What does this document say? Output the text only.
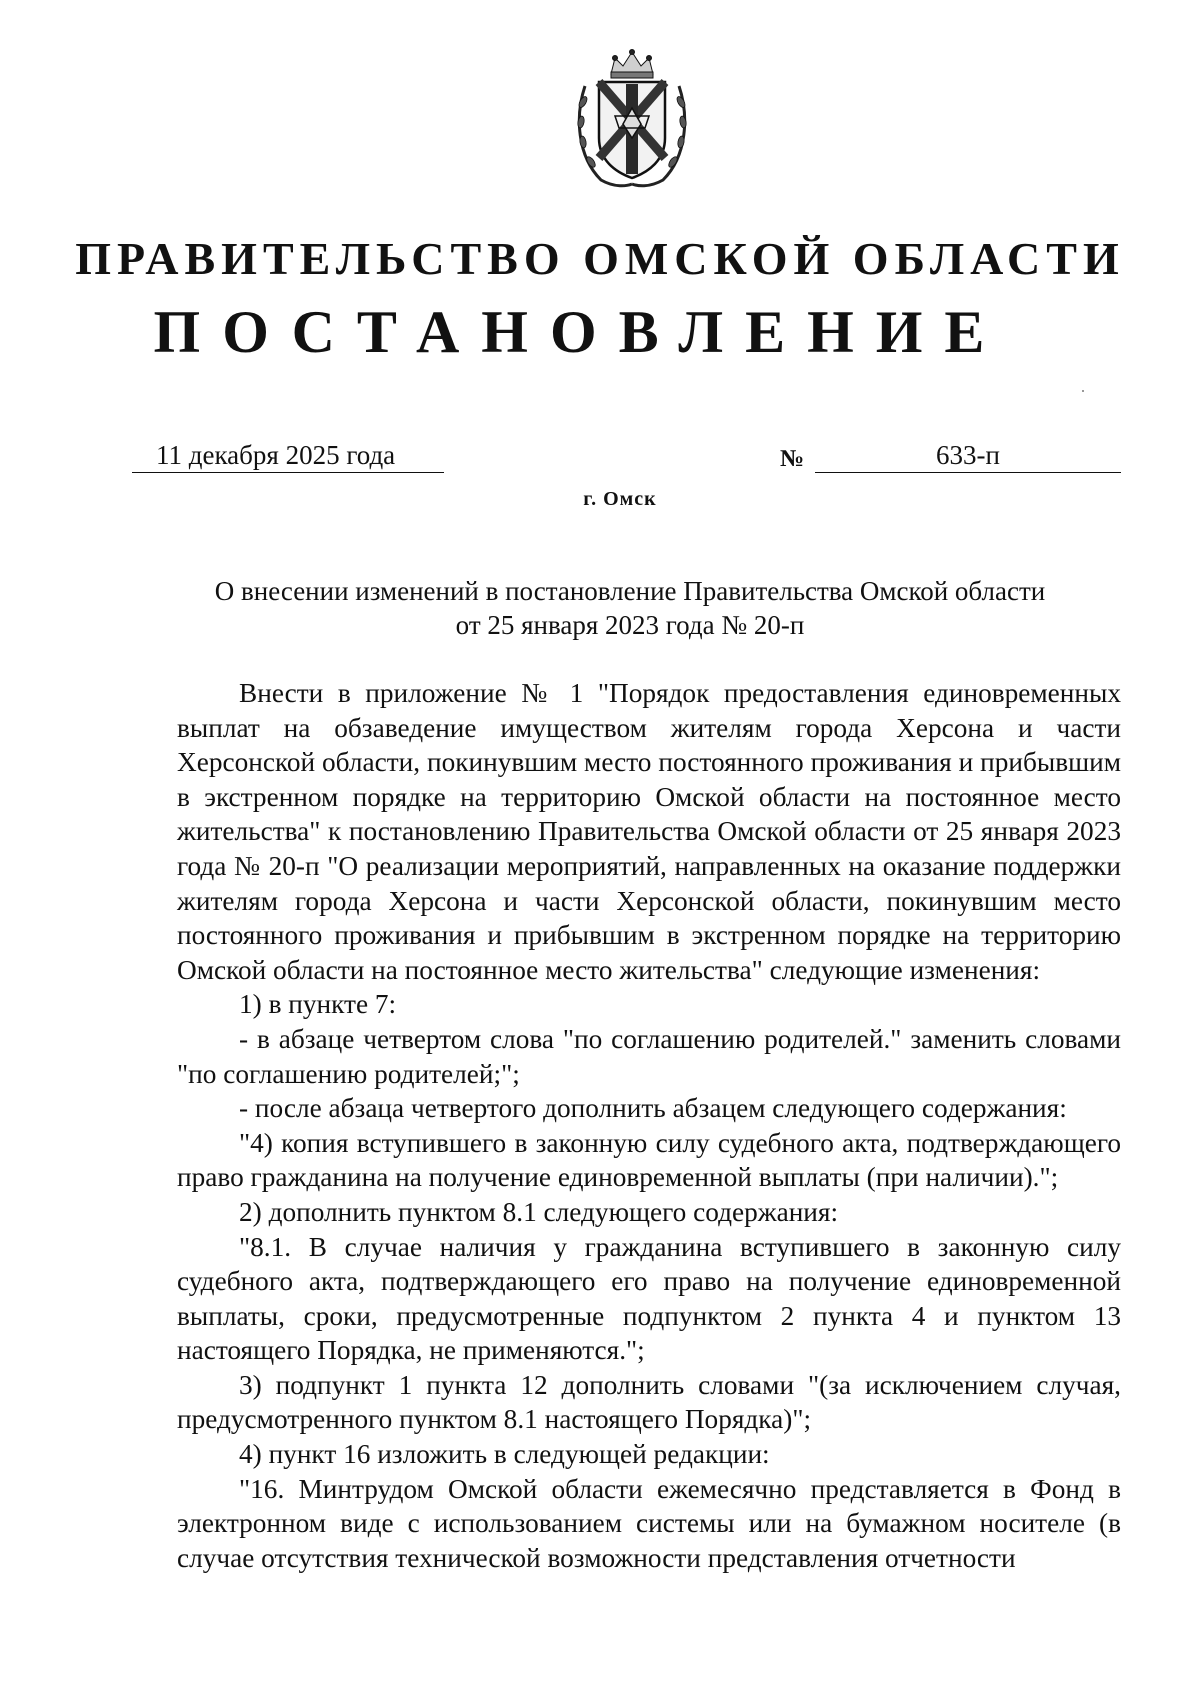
ПРАВИТЕЛЬСТВО ОМСКОЙ ОБЛАСТИ
ПОСТАНОВЛЕНИЕ
11 декабря 2025 года	№	633-п
г. Омск
О внесении изменений в постановление Правительства Омской области
от 25 января 2023 года № 20-п

Внести в приложение № 1 "Порядок предоставления единовременных выплат на обзаведение имуществом жителям города Херсона и части Херсонской области, покинувшим место постоянного проживания и прибывшим в экстренном порядке на территорию Омской области на постоянное место жительства" к постановлению Правительства Омской области от 25 января 2023 года № 20-п "О реализации мероприятий, направленных на оказание поддержки жителям города Херсона и части Херсонской области, покинувшим место постоянного проживания и прибывшим в экстренном порядке на территорию Омской области на постоянное место жительства" следующие изменения:

1) в пункте 7:

- в абзаце четвертом слова "по соглашению родителей." заменить словами "по соглашению родителей;";

- после абзаца четвертого дополнить абзацем следующего содержания:

"4) копия вступившего в законную силу судебного акта, подтверждающего право гражданина на получение единовременной выплаты (при наличии).";

2) дополнить пунктом 8.1 следующего содержания:

"8.1. В случае наличия у гражданина вступившего в законную силу судебного акта, подтверждающего его право на получение единовременной выплаты, сроки, предусмотренные подпунктом 2 пункта 4 и пунктом 13 настоящего Порядка, не применяются.";

3) подпункт 1 пункта 12 дополнить словами "(за исключением случая, предусмотренного пунктом 8.1 настоящего Порядка)";

4) пункт 16 изложить в следующей редакции:

"16. Минтрудом Омской области ежемесячно представляется в Фонд в электронном виде с использованием системы или на бумажном носителе (в случае отсутствия технической возможности представления отчетности
